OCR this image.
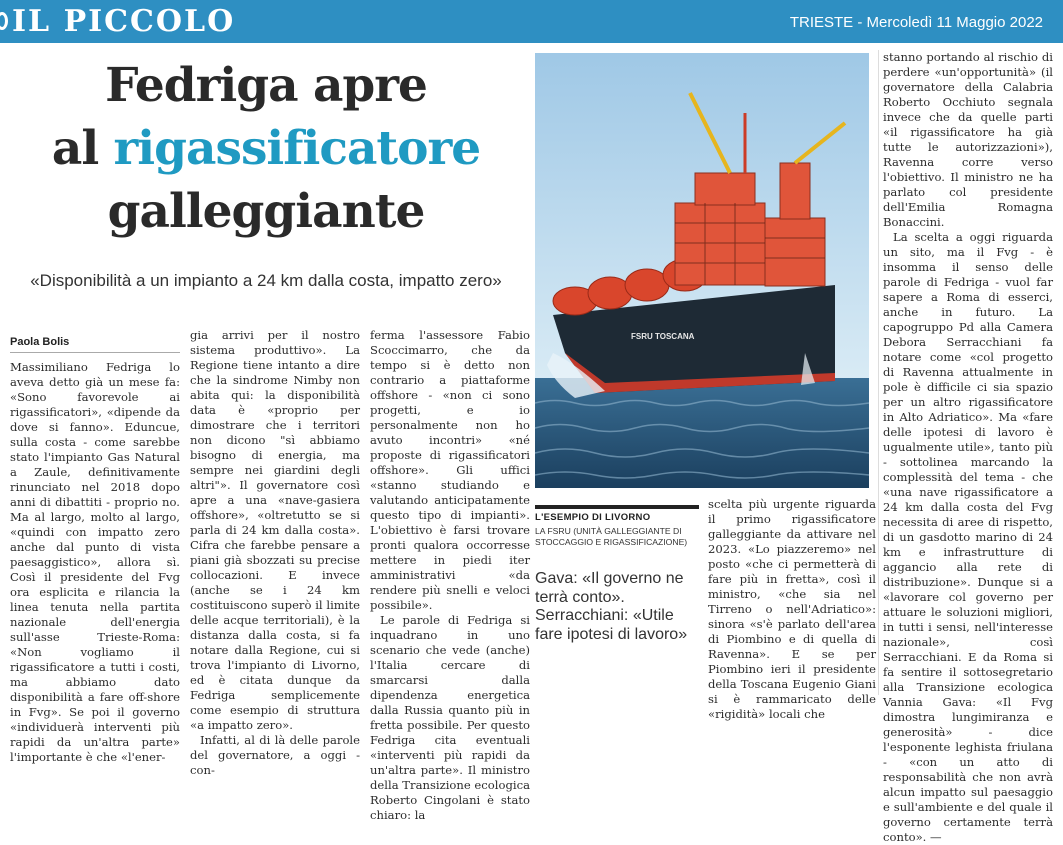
IL PICCOLO	TRIESTE - Mercoledì 11 Maggio 2022
Fedriga apre
al rigassificatore
galleggiante
«Disponibilità a un impianto a 24 km dalla costa, impatto zero»
Paola Bolis

Massimiliano Fedriga lo aveva detto già un mese fa: «Sono favorevole ai rigassificatori», «dipende da dove si fanno». Eduncue, sulla costa - come sarebbe stato l'impianto Gas Natural a Zaule, definitivamente rinunciato nel 2018 dopo anni di dibattiti - proprio no. Ma al largo, molto al largo, «quindi con impatto zero anche dal punto di vista paesaggistico», allora sì. Così il presidente del Fvg ora esplicita e rilancia la linea tenuta nella partita nazionale dell'energia sull'asse Trieste-Roma: «Non vogliamo il rigassificatore a tutti i costi, ma abbiamo dato disponibilità a fare off-shore in Fvg». Se poi il governo «individuerà interventi più rapidi da un'altra parte» l'importante è che «l'ener-

gia arrivi per il nostro sistema produttivo». La Regione tiene intanto a dire che la sindrome Nimby non abita qui: la disponibilità data è «proprio per dimostrare che i territori non dicono "sì abbiamo bisogno di energia, ma sempre nei giardini degli altri"». Il governatore così apre a una «nave-gasiera offshore», «oltretutto se si parla di 24 km dalla costa». Cifra che farebbe pensare a piani già sbozzati su precise collocazioni. E invece (anche se i 24 km costituiscono superò il limite delle acque territoriali), è la distanza dalla costa, si fa notare dalla Regione, cui si trova l'impianto di Livorno, ed è citata dunque da Fedriga semplicemente come esempio di struttura «a impatto zero».

Infatti, al di là delle parole del governatore, a oggi - con-

ferma l'assessore Fabio Scoccimarro, che da tempo si è detto non contrario a piattaforme offshore - «non ci sono progetti, e io personalmente non ho avuto incontri» «né proposte di rigassificatori offshore». Gli uffici «stanno studiando e valutando anticipatamente questo tipo di impianti». L'obiettivo è farsi trovare pronti qualora occorresse mettere in piedi iter amministrativi «da rendere più snelli e veloci possibile».

Le parole di Fedriga si inquadrano in uno scenario che vede (anche) l'Italia cercare di smarcarsi dalla dipendenza energetica dalla Russia quanto più in fretta possibile. Per questo Fedriga cita eventuali «interventi più rapidi da un'altra parte». Il ministro della Transizione ecologica Roberto Cingolani è stato chiaro: la

FSRU TOSCANA
L'ESEMPIO DI LIVORNO
LA FSRU (UNITÀ GALLEGGIANTE DI STOCCAGGIO E RIGASSIFICAZIONE)
Gava: «Il governo ne terrà conto». Serracchiani: «Utile fare ipotesi di lavoro»

scelta più urgente riguarda il primo rigassificatore galleggiante da attivare nel 2023. «Lo piazzeremo» nel posto «che ci permetterà di fare più in fretta», così il ministro, «che sia nel Tirreno o nell'Adriatico»: sinora «s'è parlato dell'area di Piombino e di quella di Ravenna». E se per Piombino ieri il presidente della Toscana Eugenio Giani si è rammaricato delle «rigidità» locali che

stanno portando al rischio di perdere «un'opportunità» (il governatore della Calabria Roberto Occhiuto segnala invece che da quelle parti «il rigassificatore ha già tutte le autorizzazioni»), Ravenna corre verso l'obiettivo. Il ministro ne ha parlato col presidente dell'Emilia Romagna Bonaccini.

La scelta a oggi riguarda un sito, ma il Fvg - è insomma il senso delle parole di Fedriga - vuol far sapere a Roma di esserci, anche in futuro. La capogruppo Pd alla Camera Debora Serracchiani fa notare come «col progetto di Ravenna attualmente in pole è difficile ci sia spazio per un altro rigassificatore in Alto Adriatico». Ma «fare delle ipotesi di lavoro è ugualmente utile», tanto più - sottolinea marcando la complessità del tema - che «una nave rigassificatore a 24 km dalla costa del Fvg necessita di aree di rispetto, di un gasdotto marino di 24 km e infrastrutture di aggancio alla rete di distribuzione». Dunque si a «lavorare col governo per attuare le soluzioni migliori, in tutti i sensi, nell'interesse nazionale», così Serracchiani. E da Roma si fa sentire il sottosegretario alla Transizione ecologica Vannia Gava: «Il Fvg dimostra lungimiranza e generosità» - dice l'esponente leghista friulana - «con un atto di responsabilità che non avrà alcun impatto sul paesaggio e sull'ambiente e del quale il governo certamente terrà conto». —
